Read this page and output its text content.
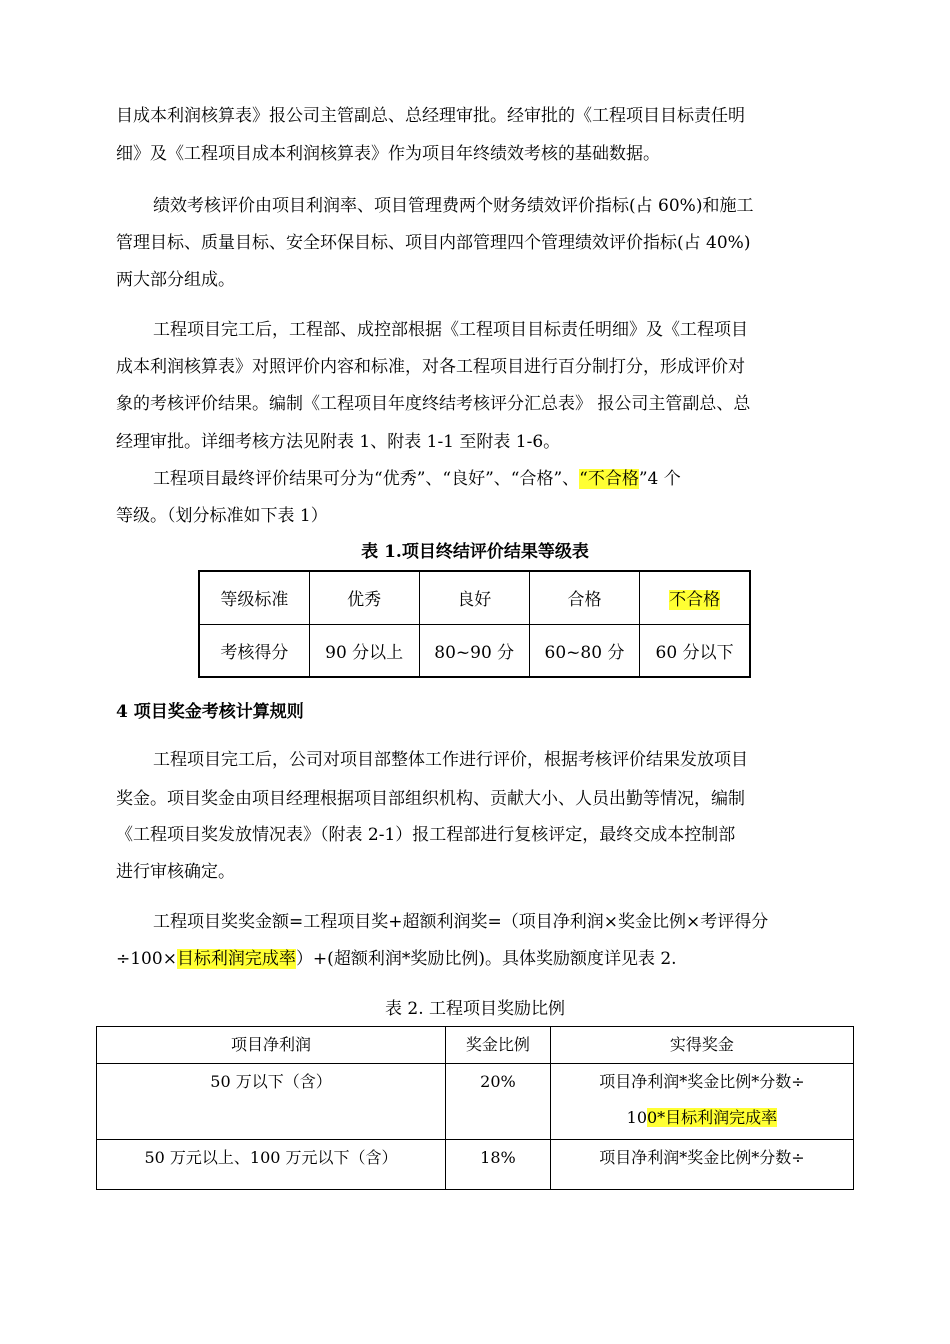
目成本利润核算表》报公司主管副总、总经理审批。经审批的《工程项目目标责任明
细》及《工程项目成本利润核算表》作为项目年终绩效考核的基础数据。
绩效考核评价由项目利润率、项目管理费两个财务绩效评价指标(占 60%)和施工
管理目标、质量目标、安全环保目标、项目内部管理四个管理绩效评价指标(占 40%)
两大部分组成。
工程项目完工后，工程部、成控部根据《工程项目目标责任明细》及《工程项目
成本利润核算表》对照评价内容和标准，对各工程项目进行百分制打分，形成评价对
象的考核评价结果。编制《工程项目年度终结考核评分汇总表》 报公司主管副总、总
经理审批。详细考核方法见附表 1、附表 1-1 至附表 1-6。
工程项目最终评价结果可分为“优秀”、“良好”、“合格”、“不合格”4 个
等级。（划分标准如下表 1）
表 1.项目终结评价结果等级表
等级标准	优秀	良好	合格	不合格
考核得分	90 分以上	80~90 分	60~80 分	60 分以下
4 项目奖金考核计算规则
工程项目完工后，公司对项目部整体工作进行评价，根据考核评价结果发放项目
奖金。项目奖金由项目经理根据项目部组织机构、贡献大小、人员出勤等情况，编制
《工程项目奖发放情况表》（附表 2-1）报工程部进行复核评定，最终交成本控制部
进行审核确定。
工程项目奖奖金额=工程项目奖+超额利润奖=（项目净利润×奖金比例×考评得分
÷100×目标利润完成率）+(超额利润*奖励比例)。具体奖励额度详见表 2.
表 2. 工程项目奖励比例
项目净利润	奖金比例	实得奖金
50 万以下（含）	20%	项目净利润*奖金比例*分数÷
100*目标利润完成率

50 万元以上、100 万元以下（含）	18%	项目净利润*奖金比例*分数÷
